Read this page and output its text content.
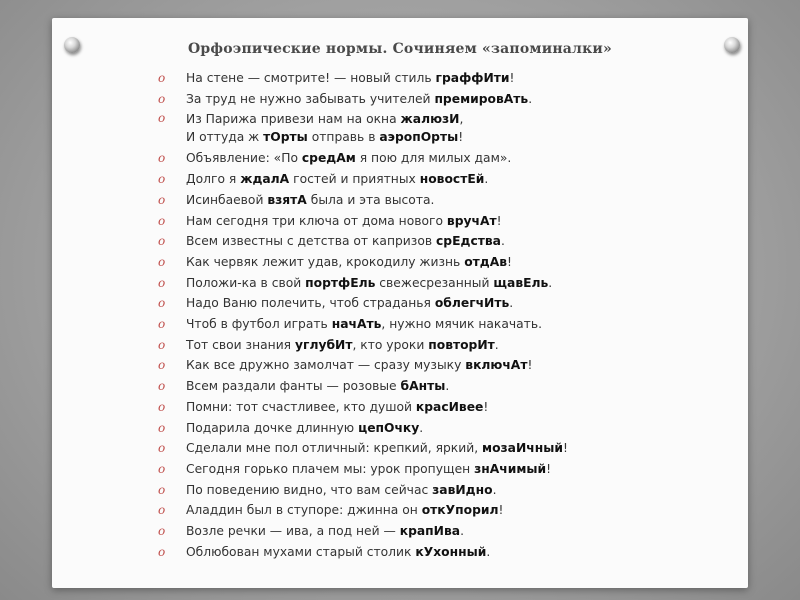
Орфоэпические нормы. Сочиняем «запоминалки»
o На стене — смотрите! — новый стиль граффИти!
o За труд не нужно забывать учителей премировАть.
o Из Парижа привези нам на окна жалюзИ,
И оттуда ж тОрты отправь в аэропОрты!
o Объявление: «По средАм я пою для милых дам».
o Долго я ждалА гостей и приятных новостЕй.
o Исинбаевой взятА была и эта высота.
o Нам сегодня три ключа от дома нового вручАт!
o Всем известны с детства от капризов срЕдства.
o Как червяк лежит удав, крокодилу жизнь отдАв!
o Положи-ка в свой портфЕль свежесрезанный щавЕль.
o Надо Ваню полечить, чтоб страданья облегчИть.
o Чтоб в футбол играть начАть, нужно мячик накачать.
o Тот свои знания углубИт, кто уроки повторИт.
o Как все дружно замолчат — сразу музыку включАт!
o Всем раздали фанты — розовые бАнты.
o Помни: тот счастливее, кто душой красИвее!
o Подарила дочке длинную цепОчку.
o Сделали мне пол отличный: крепкий, яркий, мозаИчный!
o Сегодня горько плачем мы: урок пропущен знАчимый!
o По поведению видно, что вам сейчас завИдно.
o Аладдин был в ступоре: джинна он откУпорил!
o Возле речки — ива, а под ней — крапИва.
o Облюбован мухами старый столик кУхонный.
